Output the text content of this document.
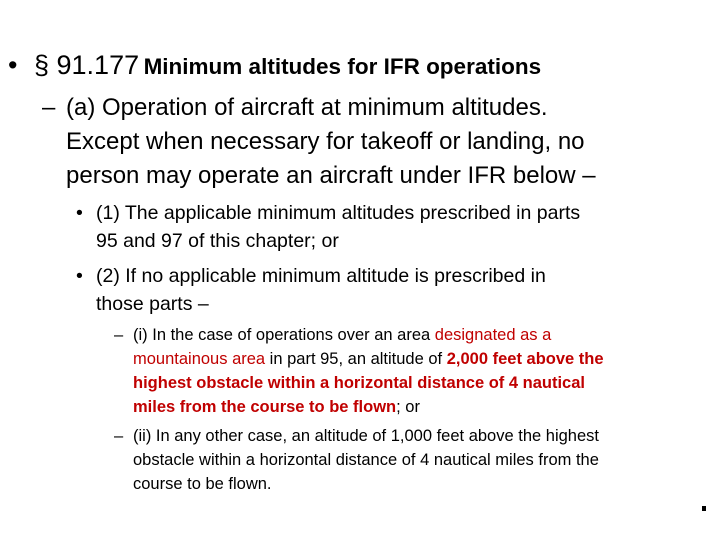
• § 91.177 Minimum altitudes for IFR operations
– (a) Operation of aircraft at minimum altitudes.
Except when necessary for takeoff or landing, no
person may operate an aircraft under IFR below –
• (1) The applicable minimum altitudes prescribed in parts
95 and 97 of this chapter; or
• (2) If no applicable minimum altitude is prescribed in
those parts –
– (i) In the case of operations over an area designated as a
mountainous area in part 95, an altitude of 2,000 feet above the
highest obstacle within a horizontal distance of 4 nautical
miles from the course to be flown; or
– (ii) In any other case, an altitude of 1,000 feet above the highest
obstacle within a horizontal distance of 4 nautical miles from the
course to be flown.
